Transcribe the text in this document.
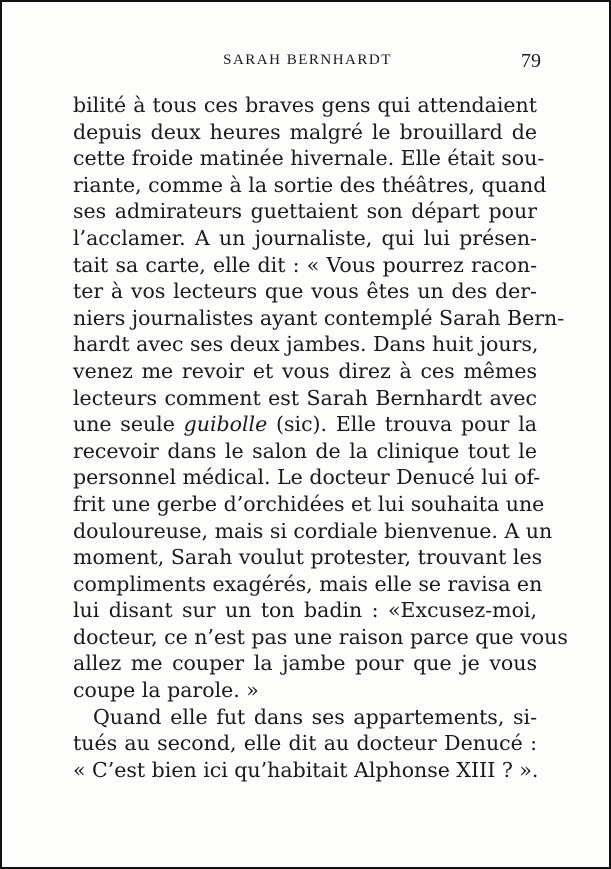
SARAH BERNHARDT	79
bilité à tous ces braves gens qui attendaient
depuis deux heures malgré le brouillard de
cette froide matinée hivernale. Elle était sou-
riante, comme à la sortie des théâtres, quand
ses admirateurs guettaient son départ pour
l’acclamer. A un journaliste, qui lui présen-
tait sa carte, elle dit : « Vous pourrez racon-
ter à vos lecteurs que vous êtes un des der-
niers journalistes ayant contemplé Sarah Bern-
hardt avec ses deux jambes. Dans huit jours,
venez me revoir et vous direz à ces mêmes
lecteurs comment est Sarah Bernhardt avec
une seule guibolle (sic). Elle trouva pour la
recevoir dans le salon de la clinique tout le
personnel médical. Le docteur Denucé lui of-
frit une gerbe d’orchidées et lui souhaita une
douloureuse, mais si cordiale bienvenue. A un
moment, Sarah voulut protester, trouvant les
compliments exagérés, mais elle se ravisa en
lui disant sur un ton badin : «Excusez-moi,
docteur, ce n’est pas une raison parce que vous
allez me couper la jambe pour que je vous
coupe la parole. »
Quand elle fut dans ses appartements, si-
tués au second, elle dit au docteur Denucé :
« C’est bien ici qu’habitait Alphonse XIII ? ».
